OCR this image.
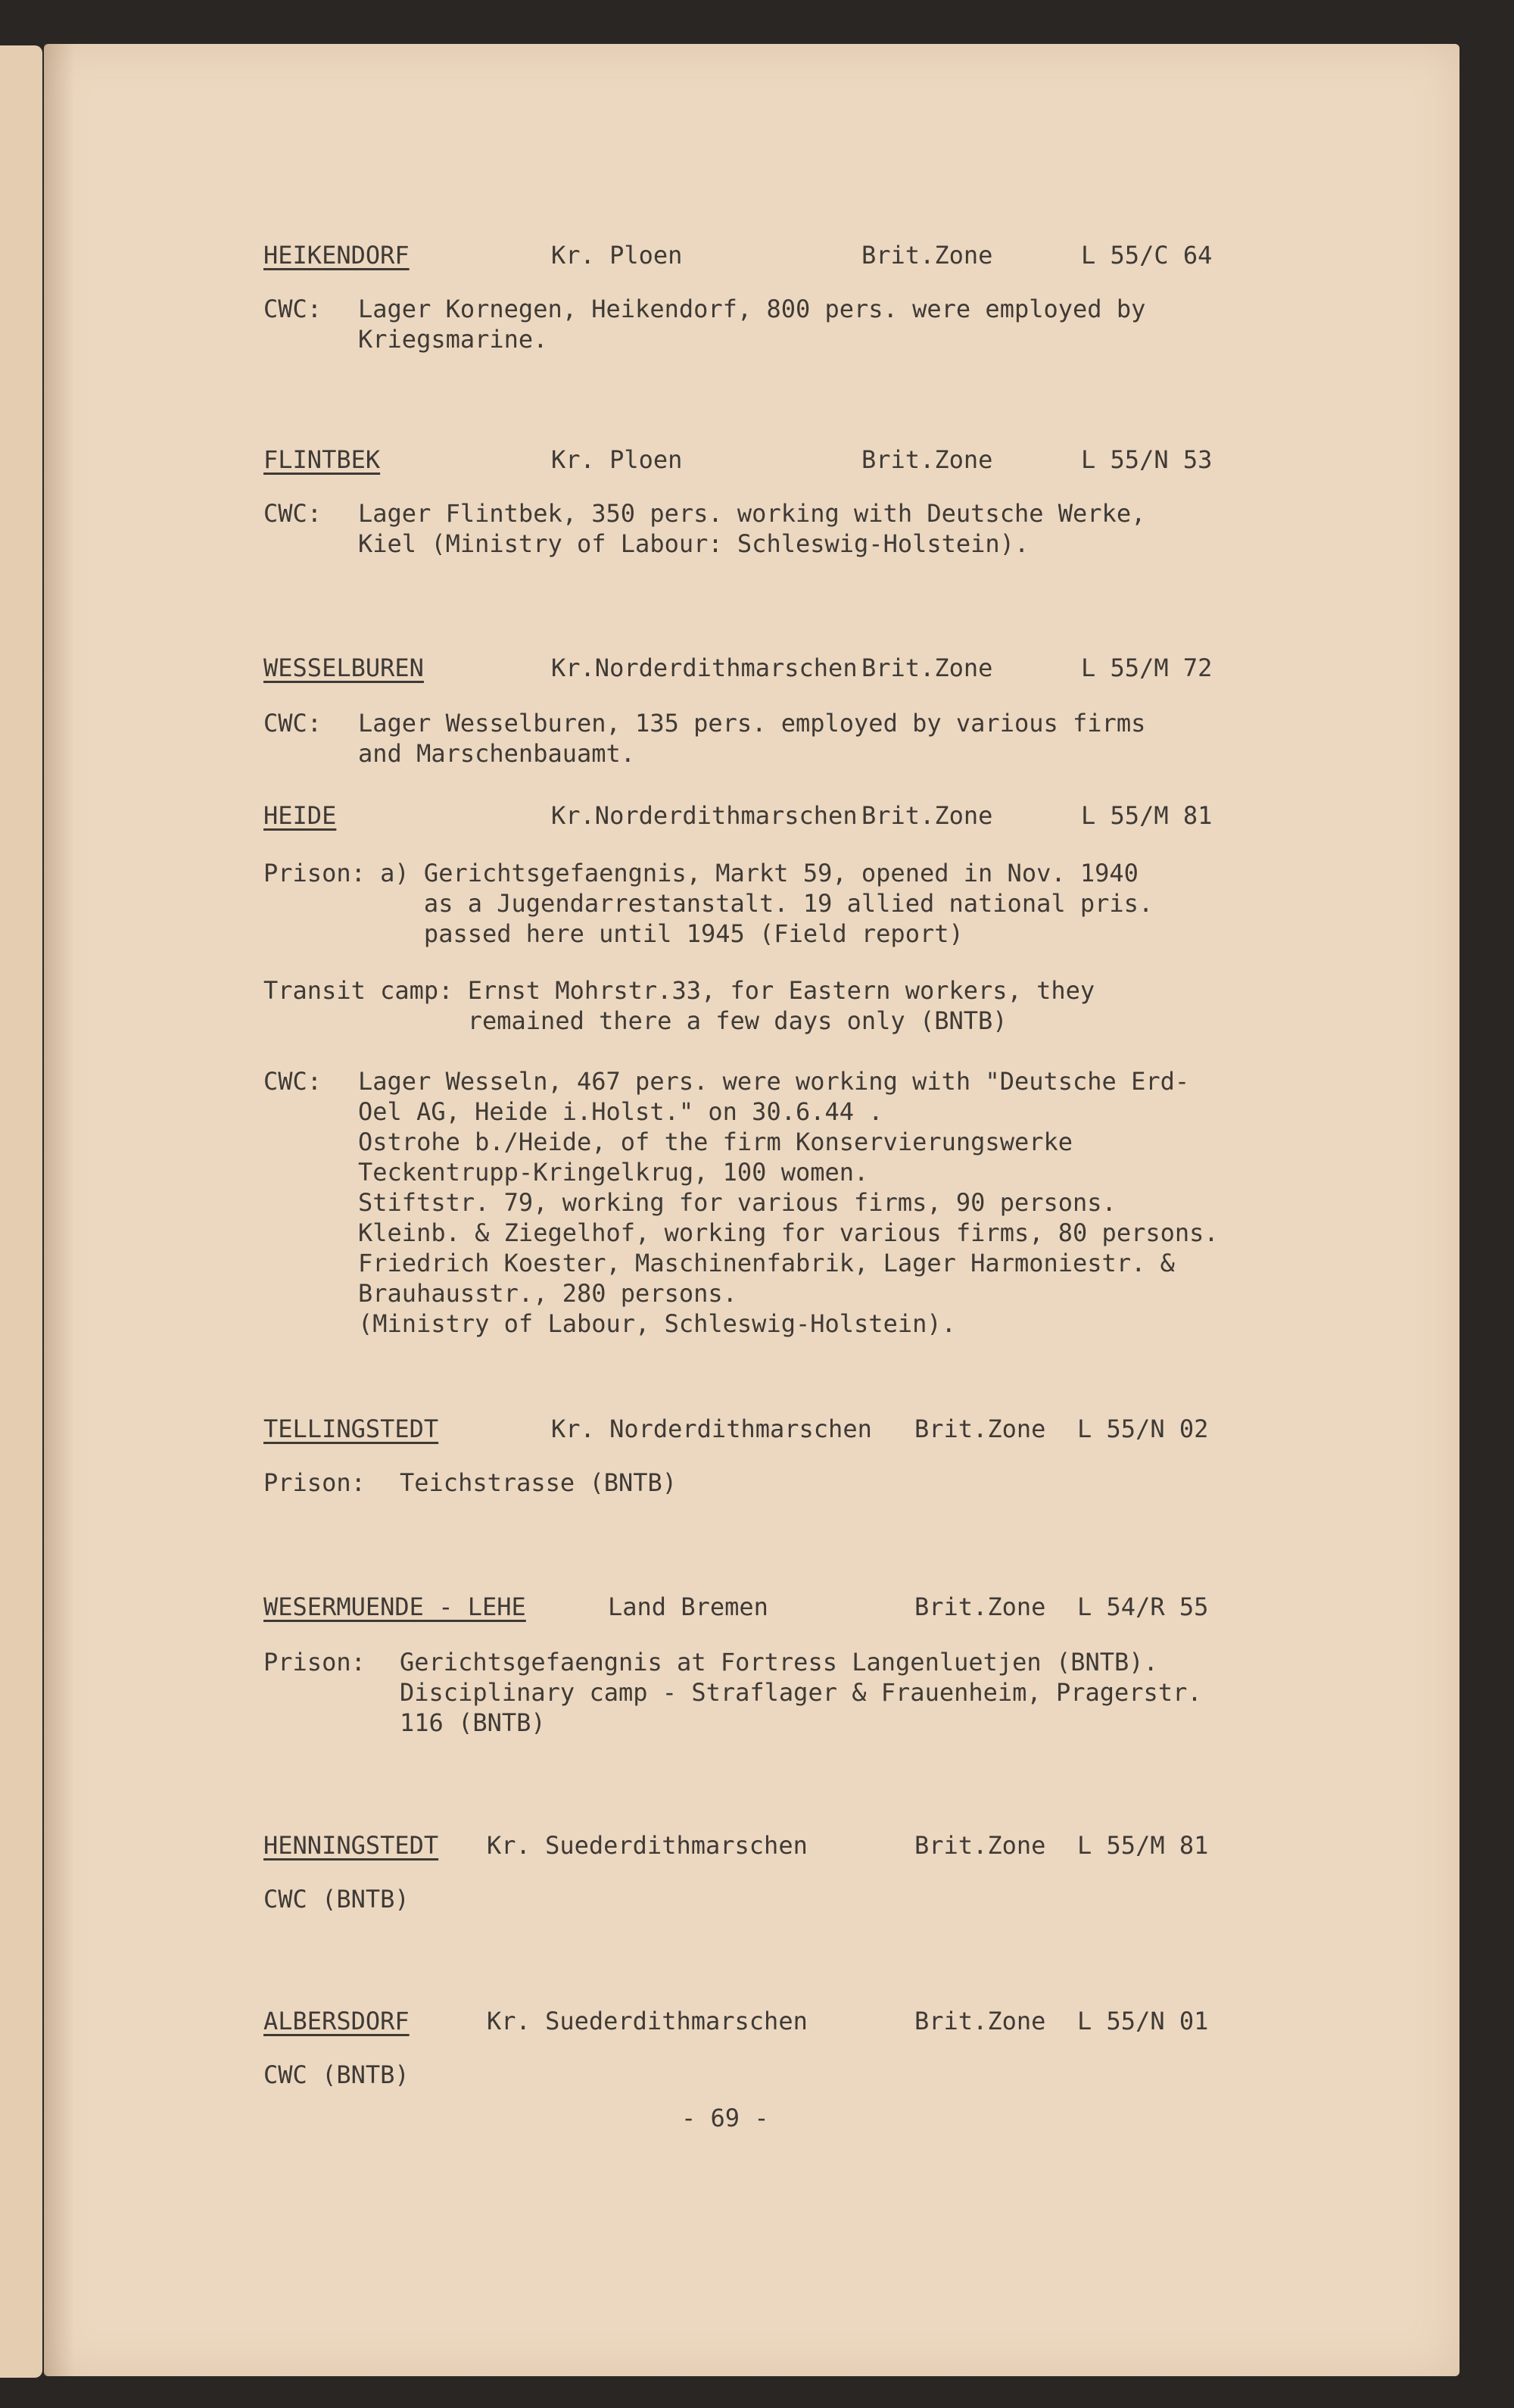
HEIKENDORF	Kr. Ploen	Brit.Zone	L 55/C 64
CWC: Lager Kornegen, Heikendorf, 800 pers. were employed by
Kriegsmarine.
FLINTBEK	Kr. Ploen	Brit.Zone	L 55/N 53
CWC: Lager Flintbek, 350 pers. working with Deutsche Werke,
Kiel (Ministry of Labour: Schleswig-Holstein).
WESSELBUREN	Kr.Norderdithmarschen Brit.Zone	L 55/M 72
CWC: Lager Wesselburen, 135 pers. employed by various firms
and Marschenbauamt.
HEIDE	Kr.Norderdithmarschen Brit.Zone	L 55/M 81
Prison: a) Gerichtsgefaengnis, Markt 59, opened in Nov. 1940
as a Jugendarrestanstalt. 19 allied national pris.
passed here until 1945 (Field report)
Transit camp: Ernst Mohrstr.33, for Eastern workers, they
remained there a few days only (BNTB)
CWC: Lager Wesseln, 467 pers. were working with "Deutsche Erd-
Oel AG, Heide i.Holst." on 30.6.44 .
Ostrohe b./Heide, of the firm Konservierungswerke
Teckentrupp-Kringelkrug, 100 women.
Stiftstr. 79, working for various firms, 90 persons.
Kleinb. & Ziegelhof, working for various firms, 80 persons.
Friedrich Koester, Maschinenfabrik, Lager Harmoniestr. &
Brauhausstr., 280 persons.
(Ministry of Labour, Schleswig-Holstein).
TELLINGSTEDT	Kr. Norderdithmarschen Brit.Zone L 55/N 02
Prison: Teichstrasse (BNTB)
WESERMUENDE - LEHE	Land Bremen	Brit.Zone L 54/R 55
Prison: Gerichtsgefaengnis at Fortress Langenluetjen (BNTB).
Disciplinary camp - Straflager & Frauenheim, Pragerstr.
116 (BNTB)
HENNINGSTEDT Kr. Suederdithmarschen	Brit.Zone L 55/M 81
CWC (BNTB)
ALBERSDORF	Kr. Suederdithmarschen	Brit.Zone L 55/N 01
CWC (BNTB)
- 69 -
